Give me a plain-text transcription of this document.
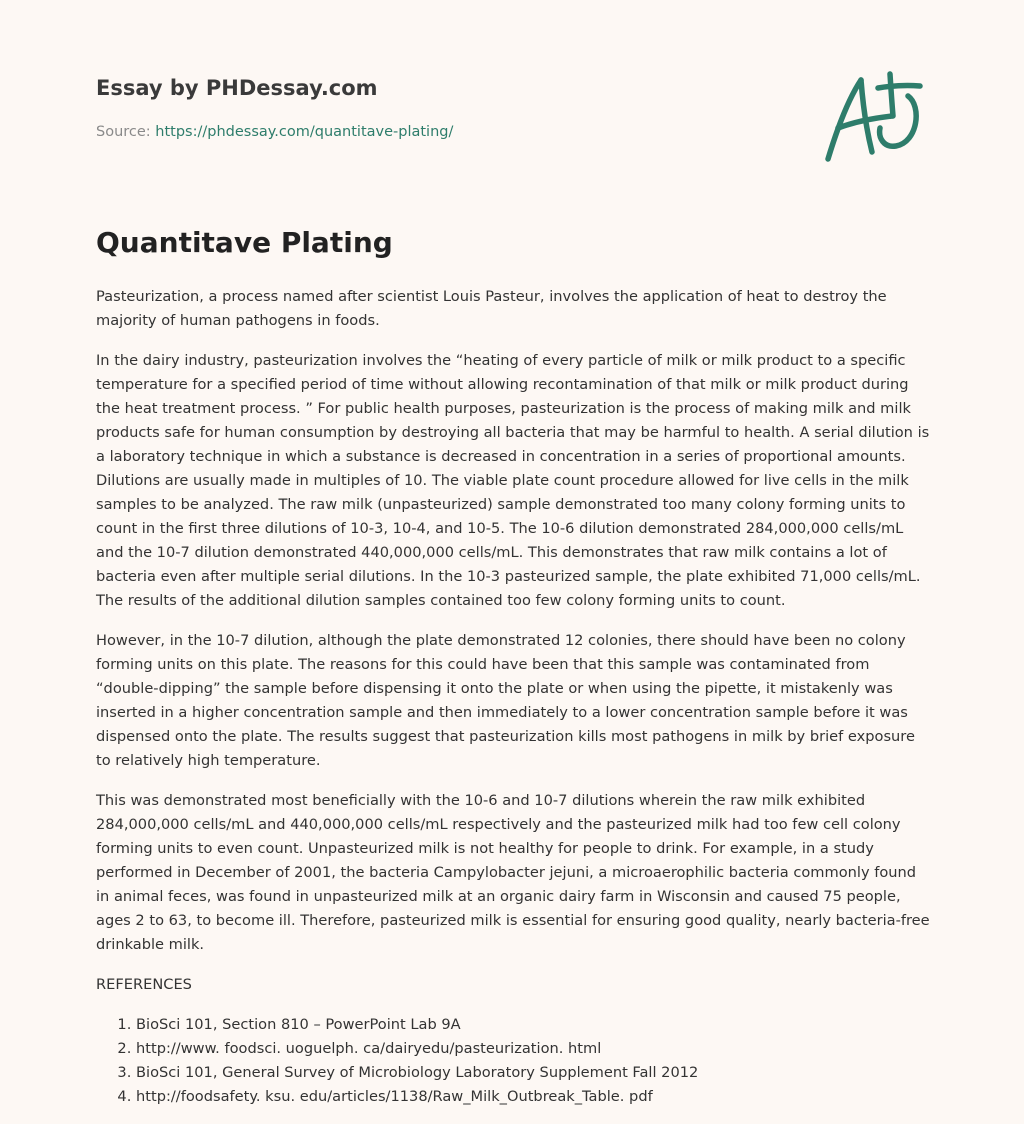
Essay by PHDessay.com
Source: https://phdessay.com/quantitave-plating/
Quantitave Plating

Pasteurization, a process named after scientist Louis Pasteur, involves the application of heat to destroy the majority of human pathogens in foods.

In the dairy industry, pasteurization involves the “heating of every particle of milk or milk product to a specific temperature for a specified period of time without allowing recontamination of that milk or milk product during the heat treatment process. ” For public health purposes, pasteurization is the process of making milk and milk products safe for human consumption by destroying all bacteria that may be harmful to health. A serial dilution is a laboratory technique in which a substance is decreased in concentration in a series of proportional amounts. Dilutions are usually made in multiples of 10. The viable plate count procedure allowed for live cells in the milk samples to be analyzed. The raw milk (unpasteurized) sample demonstrated too many colony forming units to count in the first three dilutions of 10-3, 10-4, and 10-5. The 10-6 dilution demonstrated 284,000,000 cells/mL and the 10-7 dilution demonstrated 440,000,000 cells/mL. This demonstrates that raw milk contains a lot of bacteria even after multiple serial dilutions. In the 10-3 pasteurized sample, the plate exhibited 71,000 cells/mL. The results of the additional dilution samples contained too few colony forming units to count.

However, in the 10-7 dilution, although the plate demonstrated 12 colonies, there should have been no colony forming units on this plate. The reasons for this could have been that this sample was contaminated from “double-dipping” the sample before dispensing it onto the plate or when using the pipette, it mistakenly was inserted in a higher concentration sample and then immediately to a lower concentration sample before it was dispensed onto the plate. The results suggest that pasteurization kills most pathogens in milk by brief exposure to relatively high temperature.

This was demonstrated most beneficially with the 10-6 and 10-7 dilutions wherein the raw milk exhibited 284,000,000 cells/mL and 440,000,000 cells/mL respectively and the pasteurized milk had too few cell colony forming units to even count. Unpasteurized milk is not healthy for people to drink. For example, in a study performed in December of 2001, the bacteria Campylobacter jejuni, a microaerophilic bacteria commonly found in animal feces, was found in unpasteurized milk at an organic dairy farm in Wisconsin and caused 75 people, ages 2 to 63, to become ill. Therefore, pasteurized milk is essential for ensuring good quality, nearly bacteria-free drinkable milk.

REFERENCES
1. BioSci 101, Section 810 – PowerPoint Lab 9A
2. http://www. foodsci. uoguelph. ca/dairyedu/pasteurization. html
3. BioSci 101, General Survey of Microbiology Laboratory Supplement Fall 2012
4. http://foodsafety. ksu. edu/articles/1138/Raw_Milk_Outbreak_Table. pdf
